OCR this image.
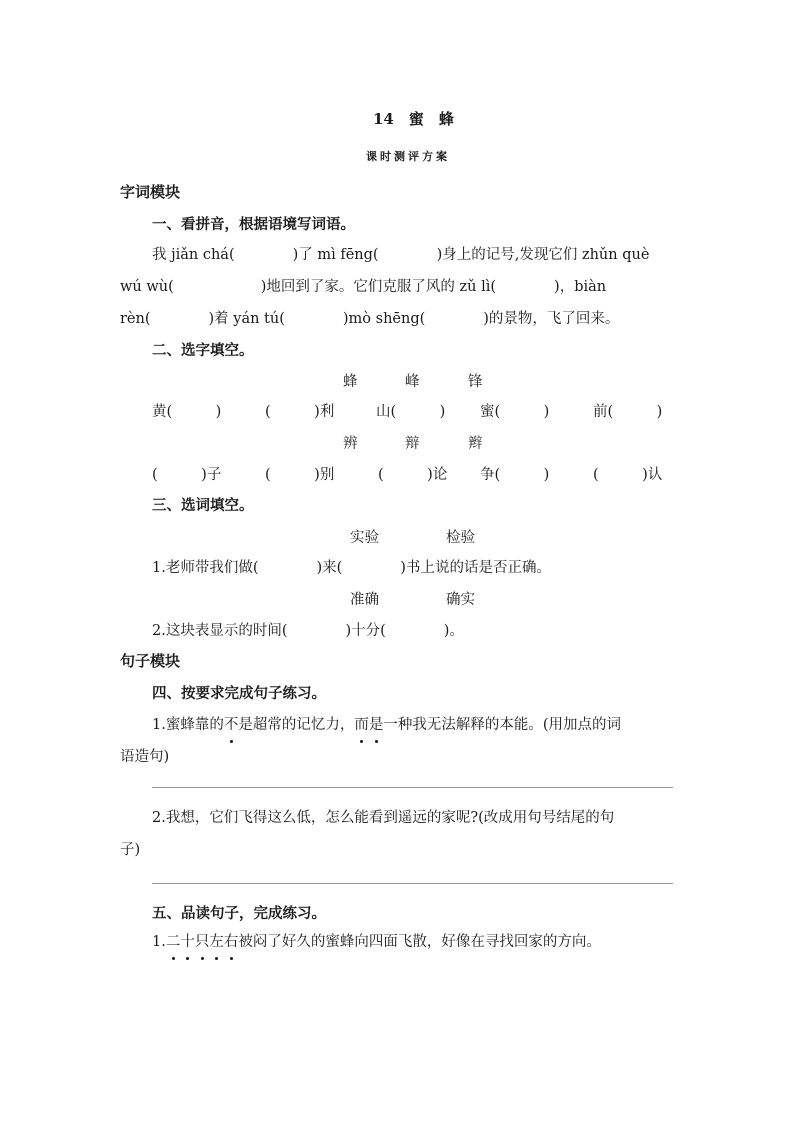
14　蜜　蜂
课时测评方案
字词模块
一、看拼音，根据语境写词语。
我 jiǎn chá(　　　　)了 mì fēng(　　　　)身上的记号,发现它们 zhǔn què
wú wù(　　　　　　)地回到了家。它们克服了风的 zǔ lì(　　　　)，biàn
rèn(　　　　)着 yán tú(　　　　)mò shēng(　　　　)的景物，飞了回来。
二、选字填空。
蜂	峰	锋
黄(　　　)	(　　　)利	山(　　　) 蜜(　　　)	前(　　　)
辨	辩	辫
(　　　)子	(　　　)别	(　　　)论 争(　　　)	(　　　)认
三、选词填空。
实验	检验
1.老师带我们做(　　　　)来(　　　　)书上说的话是否正确。
准确	确实
2.这块表显示的时间(　　　　)十分(　　　　)。
句子模块
四、按要求完成句子练习。
1.蜜蜂靠的不是超常的记忆力，而是一种我无法解释的本能。(用加点的词
语造句)
2.我想，它们飞得这么低，怎么能看到遥远的家呢?(改成用句号结尾的句
子)
五、品读句子，完成练习。
1.二十只左右被闷了好久的蜜蜂向四面飞散，好像在寻找回家的方向。
